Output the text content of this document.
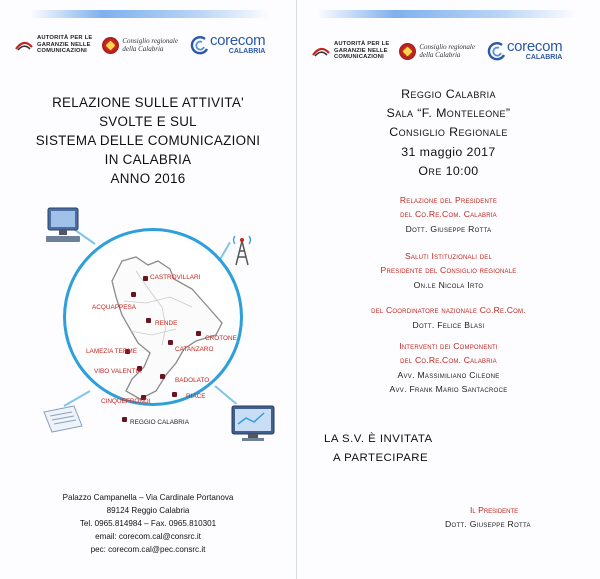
AUTORITÀ PER LE
GARANZIE NELLE
COMUNICAZIONI
Consiglio regionale
della Calabria	corecom
CALABRIA
RELAZIONE SULLE ATTIVITA'
SVOLTE E SUL
SISTEMA DELLE COMUNICAZIONI
IN CALABRIA
ANNO 2016
CASTROVILLARI
ACQUAPPESA
RENDE
CROTONE
LAMEZIA TERME	CATANZARO
VIBO VALENTIA
BADOLATO
RIACE
CINQUEFRONDI
REGGIO CALABRIA
Palazzo Campanella – Via Cardinale Portanova
89124 Reggio Calabria
Tel. 0965.814984 – Fax. 0965.810301
email: corecom.cal@consrc.it
pec: corecom.cal@pec.consrc.it
AUTORITÀ PER LE
GARANZIE NELLE
COMUNICAZIONI
Consiglio regionale
della Calabria	corecom
CALABRIA
Reggio Calabria
Sala “F. Monteleone”
Consiglio Regionale
31 maggio 2017
Ore 10:00
Relazione del Presidente
del Co.Re.Com. Calabria
Dott. Giuseppe Rotta
Saluti Istituzionali del
Presidente del Consiglio regionale
On.le Nicola Irto
del Coordinatore nazionale Co.Re.Com.
Dott. Felice Blasi
Interventi dei Componenti
del Co.Re.Com. Calabria
Avv. Massimiliano Cileone
Avv. Frank Mario Santacroce
LA S.V. È INVITATA
A PARTECIPARE
Il Presidente
Dott. Giuseppe Rotta
